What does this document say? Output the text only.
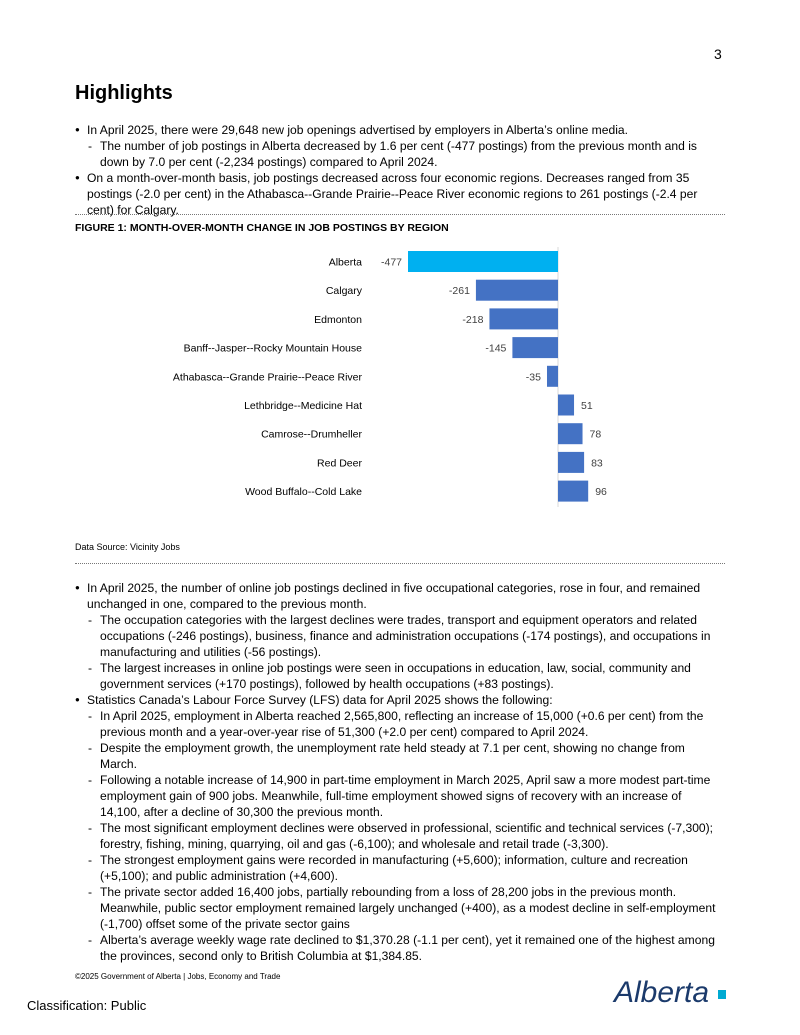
3
Highlights
● In April 2025, there were 29,648 new job openings advertised by employers in Alberta’s online media.
- The number of job postings in Alberta decreased by 1.6 per cent (-477 postings) from the previous month and is down by 7.0 per cent (-2,234 postings) compared to April 2024.
● On a month-over-month basis, job postings decreased across four economic regions. Decreases ranged from 35 postings (-2.0 per cent) in the Athabasca--Grande Prairie--Peace River economic regions to 261 postings (-2.4 per cent) for Calgary.
FIGURE 1: MONTH-OVER-MONTH CHANGE IN JOB POSTINGS BY REGION
Alberta -477
Calgary	-261
Edmonton	-218
Banff--Jasper--Rocky Mountain House	-145
Athabasca--Grande Prairie--Peace River	-35
Lethbridge--Medicine Hat	51
Camrose--Drumheller	78
Red Deer	83
Wood Buffalo--Cold Lake	96
Data Source: Vicinity Jobs
● In April 2025, the number of online job postings declined in five occupational categories, rose in four, and remained unchanged in one, compared to the previous month.
- The occupation categories with the largest declines were trades, transport and equipment operators and related occupations (-246 postings), business, finance and administration occupations (-174 postings), and occupations in manufacturing and utilities (-56 postings).
- The largest increases in online job postings were seen in occupations in education, law, social, community and government services (+170 postings), followed by health occupations (+83 postings).
● Statistics Canada’s Labour Force Survey (LFS) data for April 2025 shows the following:
- In April 2025, employment in Alberta reached 2,565,800, reflecting an increase of 15,000 (+0.6 per cent) from the previous month and a year-over-year rise of 51,300 (+2.0 per cent) compared to April 2024.
- Despite the employment growth, the unemployment rate held steady at 7.1 per cent, showing no change from March.
- Following a notable increase of 14,900 in part-time employment in March 2025, April saw a more modest part-time employment gain of 900 jobs. Meanwhile, full-time employment showed signs of recovery with an increase of 14,100, after a decline of 30,300 the previous month.
- The most significant employment declines were observed in professional, scientific and technical services (-7,300); forestry, fishing, mining, quarrying, oil and gas (-6,100); and wholesale and retail trade (-3,300).
- The strongest employment gains were recorded in manufacturing (+5,600); information, culture and recreation (+5,100); and public administration (+4,600).
- The private sector added 16,400 jobs, partially rebounding from a loss of 28,200 jobs in the previous month. Meanwhile, public sector employment remained largely unchanged (+400), as a modest decline in self-employment (-1,700) offset some of the private sector gains
- Alberta’s average weekly wage rate declined to $1,370.28 (-1.1 per cent), yet it remained one of the highest among the provinces, second only to British Columbia at $1,384.85.
©2025 Government of Alberta | Jobs, Economy and Trade
Classification: Public	Alberta
